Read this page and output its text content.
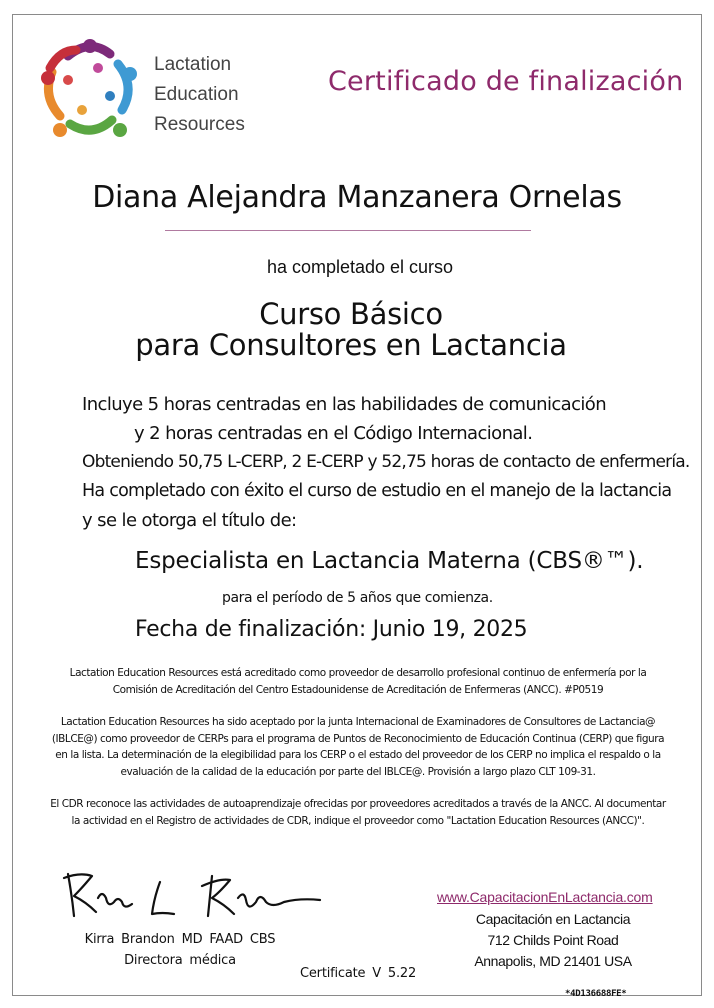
Lactation
Education
Resources
Certificado de finalización
Diana Alejandra Manzanera Ornelas
ha completado el curso
Curso Básico
para Consultores en Lactancia
Incluye 5 horas centradas en las habilidades de comunicación
y 2 horas centradas en el Código Internacional.
Obteniendo 50,75 L-CERP, 2 E-CERP y 52,75 horas de contacto de enfermería.
Ha completado con éxito el curso de estudio en el manejo de la lactancia
y se le otorga el título de:
Especialista en Lactancia Materna (CBS®™).
para el período de 5 años que comienza.
Fecha de finalización: Junio 19, 2025
Lactation Education Resources está acreditado como proveedor de desarrollo profesional continuo de enfermería por la
Comisión de Acreditación del Centro Estadounidense de Acreditación de Enfermeras (ANCC). #P0519
Lactation Education Resources ha sido aceptado por la junta Internacional de Examinadores de Consultores de Lactancia@
(IBLCE@) como proveedor de CERPs para el programa de Puntos de Reconocimiento de Educación Continua (CERP) que figura
en la lista. La determinación de la elegibilidad para los CERP o el estado del proveedor de los CERP no implica el respaldo o la
evaluación de la calidad de la educación por parte del IBLCE@. Provisión a largo plazo CLT 109-31.
El CDR reconoce las actividades de autoaprendizaje ofrecidas por proveedores acreditados a través de la ANCC. Al documentar
la actividad en el Registro de actividades de CDR, indique el proveedor como "Lactation Education Resources (ANCC)".
Kirra Brandon MD FAAD CBS
Directora médica
Certificate V 5.22
www.CapacitacionEnLactancia.com
Capacitación en Lactancia
712 Childs Point Road
Annapolis, MD 21401 USA
*4D136688FE*
